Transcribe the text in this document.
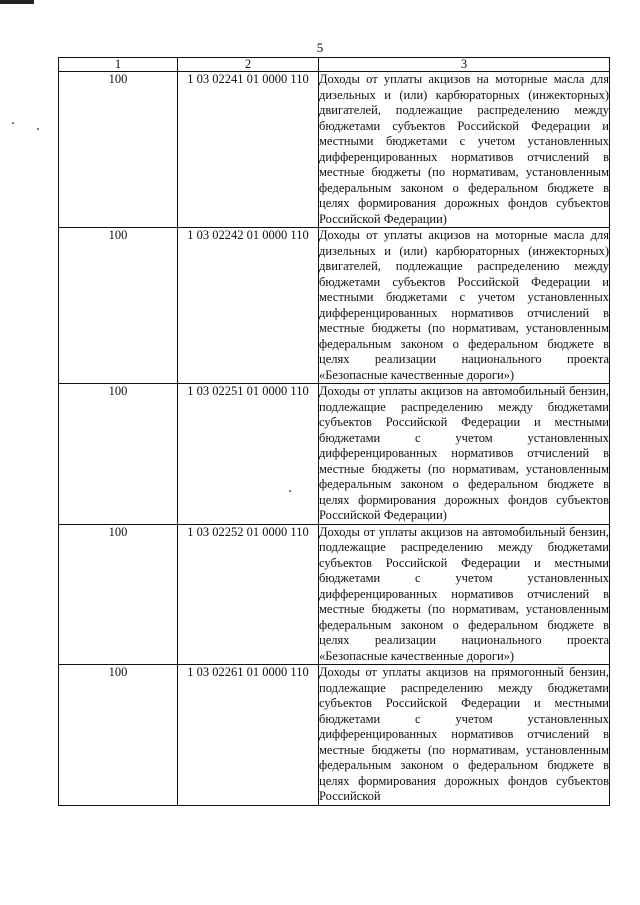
5
1	2	3
100	1 03 02241 01 0000 110	Доходы от уплаты акцизов на моторные масла для дизельных и (или) карбюраторных (инжекторных) двигателей, подлежащие распределению между бюджетами субъектов Российской Федерации и местными бюджетами с учетом установленных дифференцированных нормативов отчислений в местные бюджеты (по нормативам, установленным федеральным законом о федеральном бюджете в целях формирования дорожных фондов субъектов Российской Федерации)
100	1 03 02242 01 0000 110	Доходы от уплаты акцизов на моторные масла для дизельных и (или) карбюраторных (инжекторных) двигателей, подлежащие распределению между бюджетами субъектов Российской Федерации и местными бюджетами с учетом установленных дифференцированных нормативов отчислений в местные бюджеты (по нормативам, установленным федеральным законом о федеральном бюджете в целях реализации национального проекта «Безопасные качественные дороги»)
100	1 03 02251 01 0000 110	Доходы от уплаты акцизов на автомобильный бензин, подлежащие распределению между бюджетами субъектов Российской Федерации и местными бюджетами с учетом установленных дифференцированных нормативов отчислений в местные бюджеты (по нормативам, установленным федеральным законом о федеральном бюджете в целях формирования дорожных фондов субъектов Российской Федерации)
100	1 03 02252 01 0000 110	Доходы от уплаты акцизов на автомобильный бензин, подлежащие распределению между бюджетами субъектов Российской Федерации и местными бюджетами с учетом установленных дифференцированных нормативов отчислений в местные бюджеты (по нормативам, установленным федеральным законом о федеральном бюджете в целях реализации национального проекта «Безопасные качественные дороги»)
100	1 03 02261 01 0000 110	Доходы от уплаты акцизов на прямогонный бензин, подлежащие распределению между бюджетами субъектов Российской Федерации и местными бюджетами с учетом установленных дифференцированных нормативов отчислений в местные бюджеты (по нормативам, установленным федеральным законом о федеральном бюджете в целях формирования дорожных фондов субъектов Российской
